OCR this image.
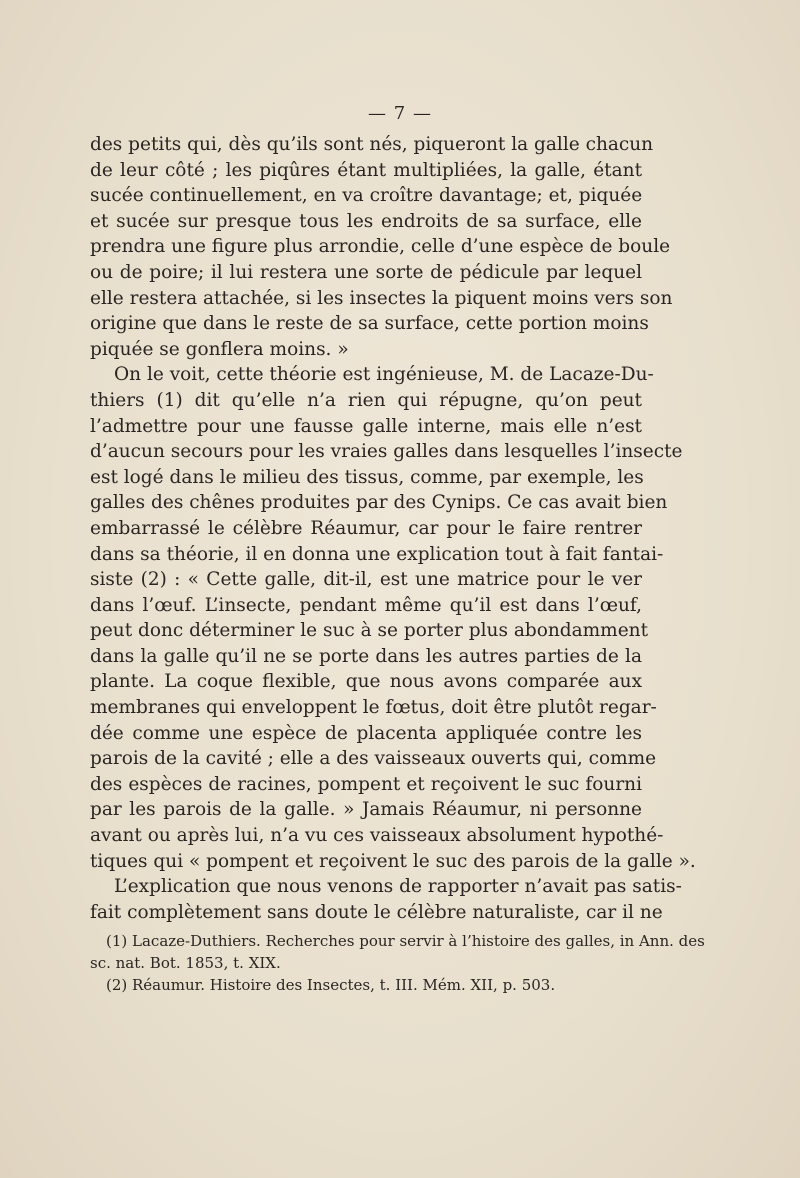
— 7 —
des petits qui, dès qu’ils sont nés, piqueront la galle chacun
de leur côté ; les piqûres étant multipliées, la galle, étant
sucée continuellement, en va croître davantage; et, piquée
et sucée sur presque tous les endroits de sa surface, elle
prendra une figure plus arrondie, celle d’une espèce de boule
ou de poire; il lui restera une sorte de pédicule par lequel
elle restera attachée, si les insectes la piquent moins vers son
origine que dans le reste de sa surface, cette portion moins
piquée se gonflera moins. »
On le voit, cette théorie est ingénieuse, M. de Lacaze-Du-
thiers (1) dit qu’elle n’a rien qui répugne, qu’on peut
l’admettre pour une fausse galle interne, mais elle n’est
d’aucun secours pour les vraies galles dans lesquelles l’insecte
est logé dans le milieu des tissus, comme, par exemple, les
galles des chênes produites par des Cynips. Ce cas avait bien
embarrassé le célèbre Réaumur, car pour le faire rentrer
dans sa théorie, il en donna une explication tout à fait fantai-
siste (2) : « Cette galle, dit-il, est une matrice pour le ver
dans l’œuf. L’insecte, pendant même qu’il est dans l’œuf,
peut donc déterminer le suc à se porter plus abondamment
dans la galle qu’il ne se porte dans les autres parties de la
plante. La coque flexible, que nous avons comparée aux
membranes qui enveloppent le fœtus, doit être plutôt regar-
dée comme une espèce de placenta appliquée contre les
parois de la cavité ; elle a des vaisseaux ouverts qui, comme
des espèces de racines, pompent et reçoivent le suc fourni
par les parois de la galle. » Jamais Réaumur, ni personne
avant ou après lui, n’a vu ces vaisseaux absolument hypothé-
tiques qui « pompent et reçoivent le suc des parois de la galle ».
L’explication que nous venons de rapporter n’avait pas satis-
fait complètement sans doute le célèbre naturaliste, car il ne
(1) Lacaze-Duthiers. Recherches pour servir à l’histoire des galles, in Ann. des
sc. nat. Bot. 1853, t. XIX.
(2) Réaumur. Histoire des Insectes, t. III. Mém. XII, p. 503.
